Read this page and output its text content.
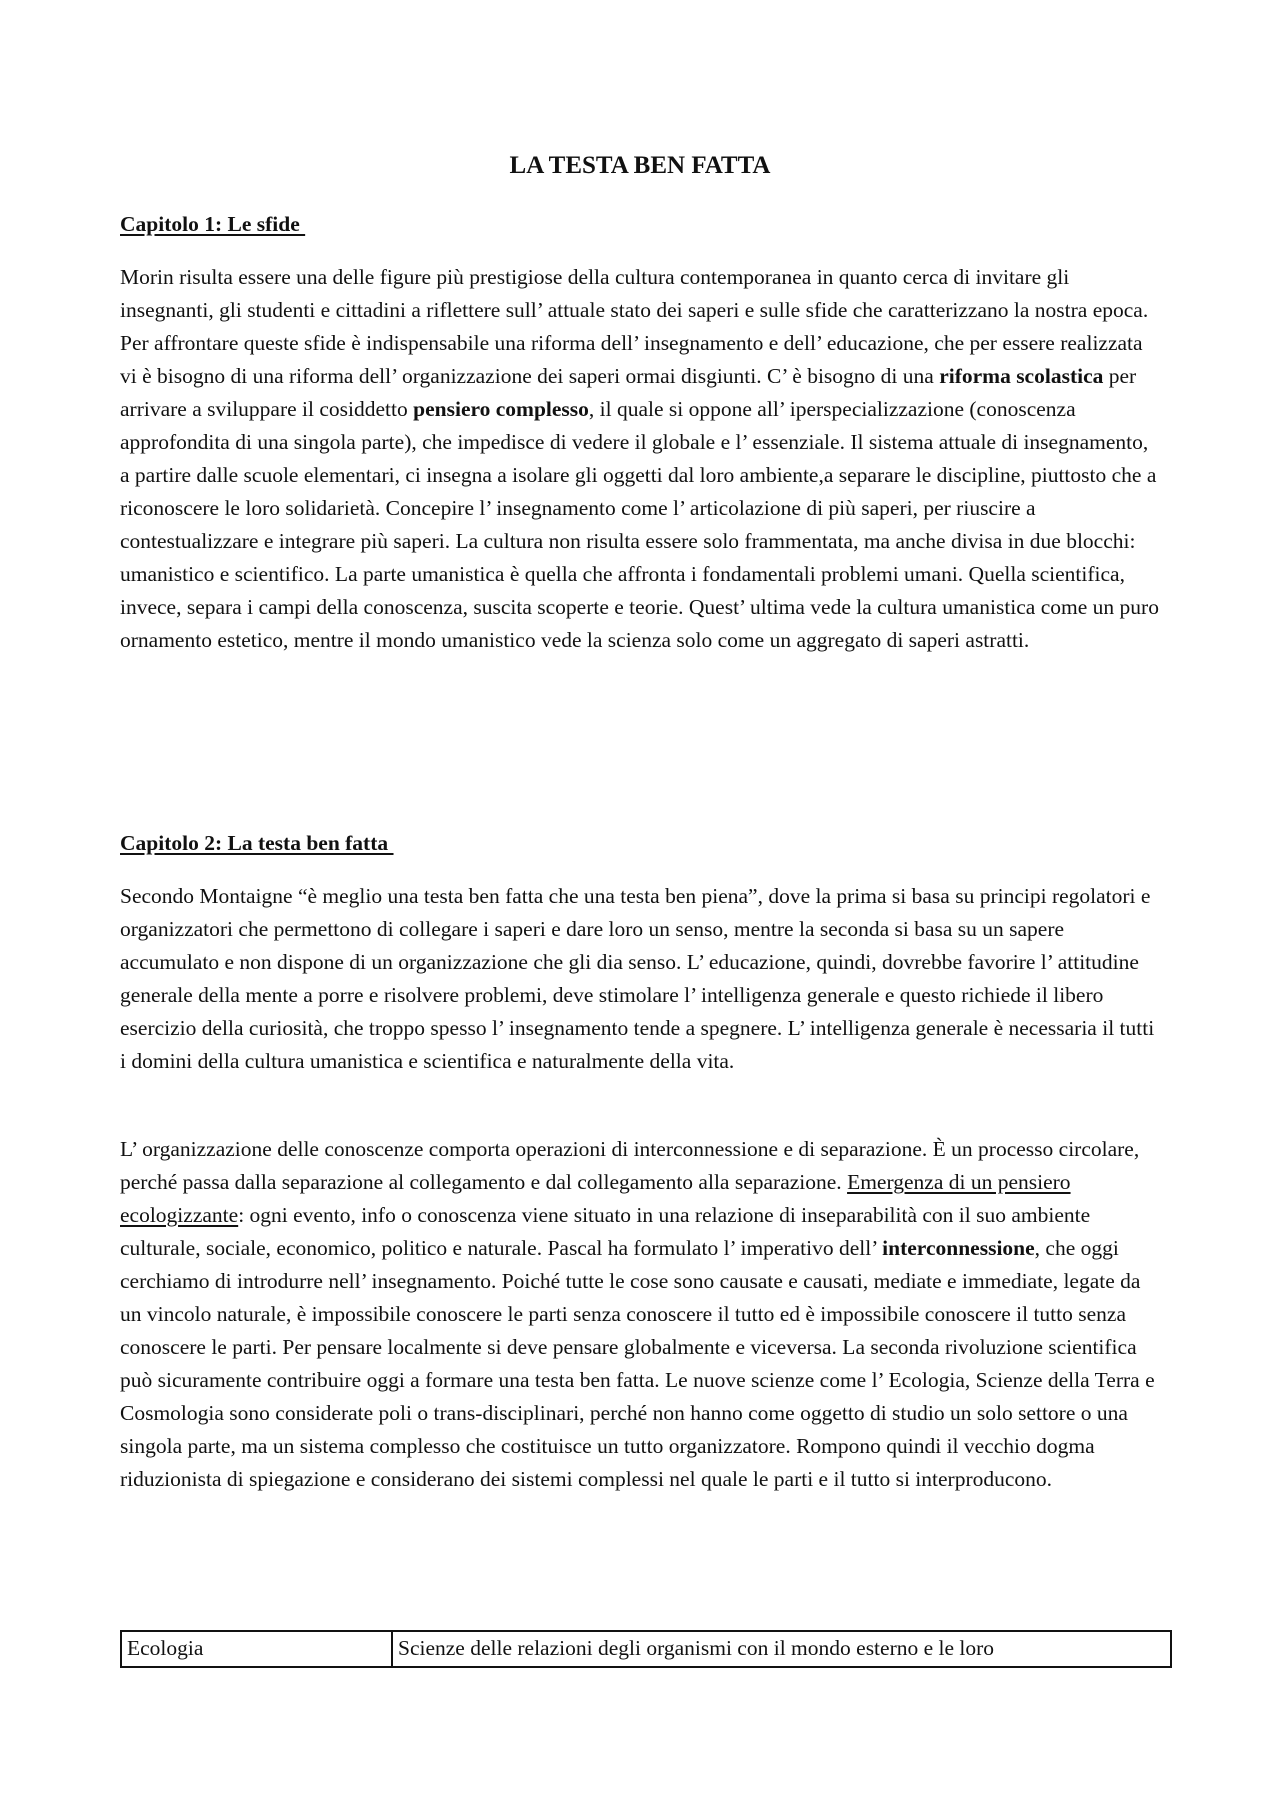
LA TESTA BEN FATTA
Capitolo 1: Le sfide

Morin risulta essere una delle figure più prestigiose della cultura contemporanea in quanto cerca di invitare gli insegnanti, gli studenti e cittadini a riflettere sull’ attuale stato dei saperi e sulle sfide che caratterizzano la nostra epoca. Per affrontare queste sfide è indispensabile una riforma dell’ insegnamento e dell’ educazione, che per essere realizzata vi è bisogno di una riforma dell’ organizzazione dei saperi ormai disgiunti. C’ è bisogno di una riforma scolastica per arrivare a sviluppare il cosiddetto pensiero complesso, il quale si oppone all’ iperspecializzazione (conoscenza approfondita di una singola parte), che impedisce di vedere il globale e l’ essenziale. Il sistema attuale di insegnamento, a partire dalle scuole elementari, ci insegna a isolare gli oggetti dal loro ambiente,a separare le discipline, piuttosto che a riconoscere le loro solidarietà. Concepire l’ insegnamento come l’ articolazione di più saperi, per riuscire a contestualizzare e integrare più saperi. La cultura non risulta essere solo frammentata, ma anche divisa in due blocchi: umanistico e scientifico. La parte umanistica è quella che affronta i fondamentali problemi umani. Quella scientifica, invece, separa i campi della conoscenza, suscita scoperte e teorie. Quest’ ultima vede la cultura umanistica come un puro ornamento estetico, mentre il mondo umanistico vede la scienza solo come un aggregato di saperi astratti.

Capitolo 2: La testa ben fatta

Secondo Montaigne “è meglio una testa ben fatta che una testa ben piena”, dove la prima si basa su principi regolatori e organizzatori che permettono di collegare i saperi e dare loro un senso, mentre la seconda si basa su un sapere accumulato e non dispone di un organizzazione che gli dia senso. L’ educazione, quindi, dovrebbe favorire l’ attitudine generale della mente a porre e risolvere problemi, deve stimolare l’ intelligenza generale e questo richiede il libero esercizio della curiosità, che troppo spesso l’ insegnamento tende a spegnere. L’ intelligenza generale è necessaria il tutti i domini della cultura umanistica e scientifica e naturalmente della vita.

L’ organizzazione delle conoscenze comporta operazioni di interconnessione e di separazione. È un processo circolare, perché passa dalla separazione al collegamento e dal collegamento alla separazione. Emergenza di un pensiero ecologizzante: ogni evento, info o conoscenza viene situato in una relazione di inseparabilità con il suo ambiente culturale, sociale, economico, politico e naturale. Pascal ha formulato l’ imperativo dell’ interconnessione, che oggi cerchiamo di introdurre nell’ insegnamento. Poiché tutte le cose sono causate e causati, mediate e immediate, legate da un vincolo naturale, è impossibile conoscere le parti senza conoscere il tutto ed è impossibile conoscere il tutto senza conoscere le parti. Per pensare localmente si deve pensare globalmente e viceversa. La seconda rivoluzione scientifica può sicuramente contribuire oggi a formare una testa ben fatta. Le nuove scienze come l’ Ecologia, Scienze della Terra e Cosmologia sono considerate poli o trans-disciplinari, perché non hanno come oggetto di studio un solo settore o una singola parte, ma un sistema complesso che costituisce un tutto organizzatore. Rompono quindi il vecchio dogma riduzionista di spiegazione e considerano dei sistemi complessi nel quale le parti e il tutto si interproducono.

Ecologia	Scienze delle relazioni degli organismi con il mondo esterno e le loro
